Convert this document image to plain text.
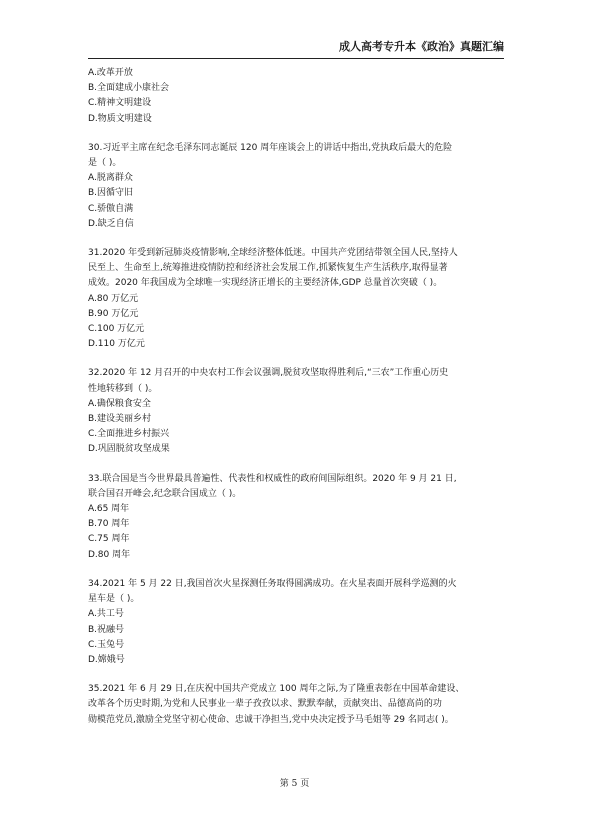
成人高考专升本《政治》真题汇编
A.改革开放
B.全面建成小康社会
C.精神文明建设
D.物质文明建设
30.习近平主席在纪念毛泽东同志诞辰 120 周年座谈会上的讲话中指出,党执政后最大的危险
是（ )。
A.脱离群众
B.因循守旧
C.骄傲自满
D.缺乏自信
31.2020 年受到新冠肺炎疫情影响,全球经济整体低迷。中国共产党团结带领全国人民,坚持人
民至上、生命至上,统筹推进疫情防控和经济社会发展工作,抓紧恢复生产生活秩序,取得显著
成效。2020 年我国成为全球唯一实现经济正增长的主要经济体,GDP 总量首次突破（ )。
A.80 万亿元
B.90 万亿元
C.100 万亿元
D.110 万亿元
32.2020 年 12 月召开的中央农村工作会议强调,脱贫攻坚取得胜利后,“三农”工作重心历史
性地转移到（ )。
A.确保粮食安全
B.建设美丽乡村
C.全面推进乡村振兴
D.巩固脱贫攻坚成果
33.联合国是当今世界最具普遍性、代表性和权威性的政府间国际组织。2020 年 9 月 21 日,
联合国召开峰会,纪念联合国成立（ )。
A.65 周年
B.70 周年
C.75 周年
D.80 周年
34.2021 年 5 月 22 日,我国首次火星探测任务取得圆满成功。在火星表面开展科学巡测的火
星车是（ )。
A.共工号
B.祝融号
C.玉兔号
D.嫦娥号
35.2021 年 6 月 29 日,在庆祝中国共产党成立 100 周年之际,为了隆重表彰在中国革命建设、
改革各个历史时期,为党和人民事业一辈子孜孜以求、默默奉献，贡献突出、品德高尚的功
勋模范党员,激励全党坚守初心使命、忠诚干净担当,党中央决定授予马毛姐等 29 名同志( )。
第 5 页
